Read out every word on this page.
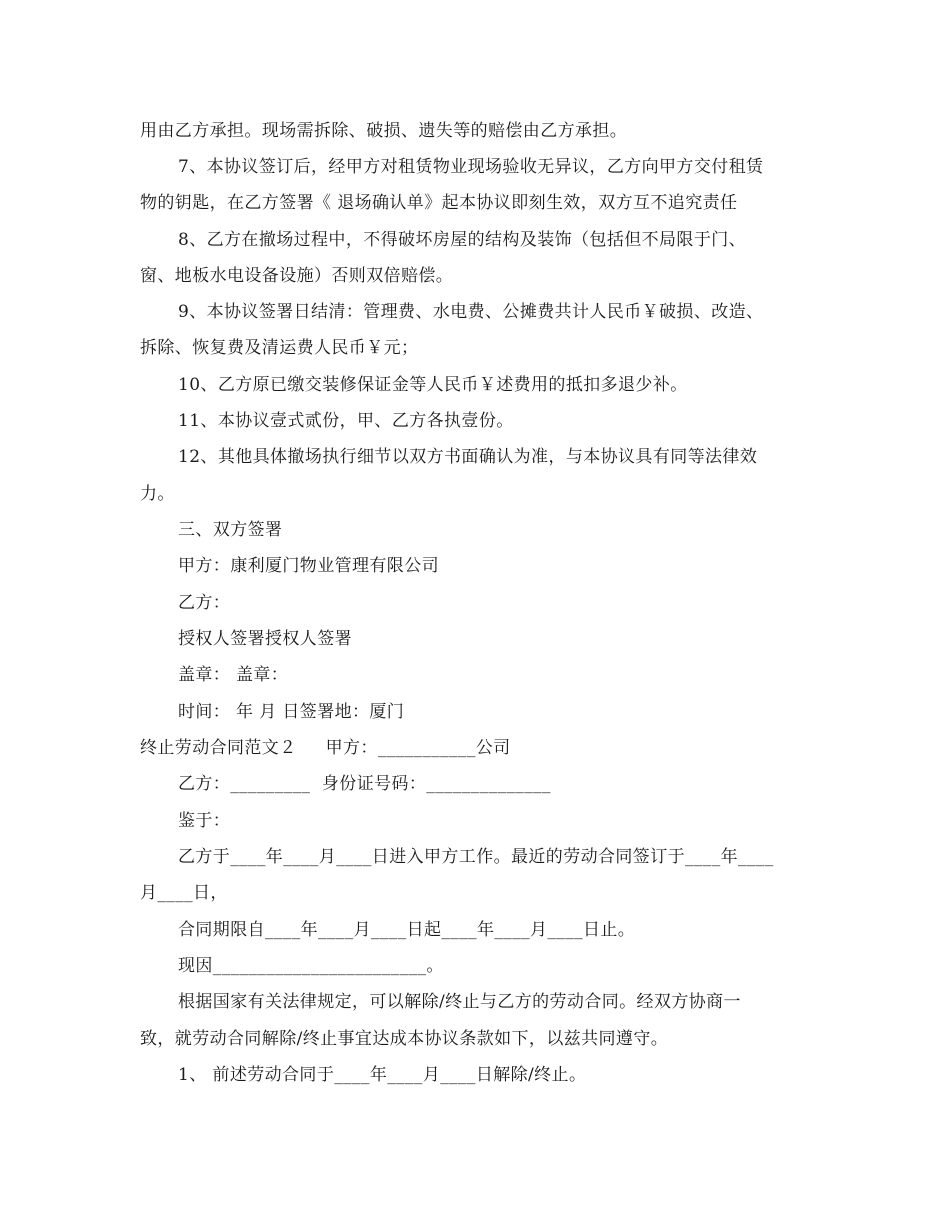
用由乙方承担。现场需拆除、破损、遗失等的赔偿由乙方承担。
7、本协议签订后，经甲方对租赁物业现场验收无异议，乙方向甲方交付租赁
物的钥匙，在乙方签署《 退场确认单》起本协议即刻生效，双方互不追究责任
8、乙方在撤场过程中，不得破坏房屋的结构及装饰（包括但不局限于门、
窗、地板水电设备设施）否则双倍赔偿。
9、本协议签署日结清：管理费、水电费、公摊费共计人民币￥破损、改造、
拆除、恢复费及清运费人民币￥元；
10、乙方原已缴交装修保证金等人民币￥述费用的抵扣多退少补。
11、本协议壹式贰份，甲、乙方各执壹份。
12、其他具体撤场执行细节以双方书面确认为准，与本协议具有同等法律效
力。
三、双方签署
甲方：康利厦门物业管理有限公司
乙方：
授权人签署授权人签署
盖章： 盖章：
时间： 年 月 日签署地：厦门
终止劳动合同范文２     甲方：___________公司
乙方：_________  身份证号码：______________
鉴于：
乙方于____年____月____日进入甲方工作。最近的劳动合同签订于____年____
月____日，
合同期限自____年____月____日起____年____月____日止。
现因________________________。
根据国家有关法律规定，可以解除/终止与乙方的劳动合同。经双方协商一
致，就劳动合同解除/终止事宜达成本协议条款如下，以兹共同遵守。
1、 前述劳动合同于____年____月____日解除/终止。
